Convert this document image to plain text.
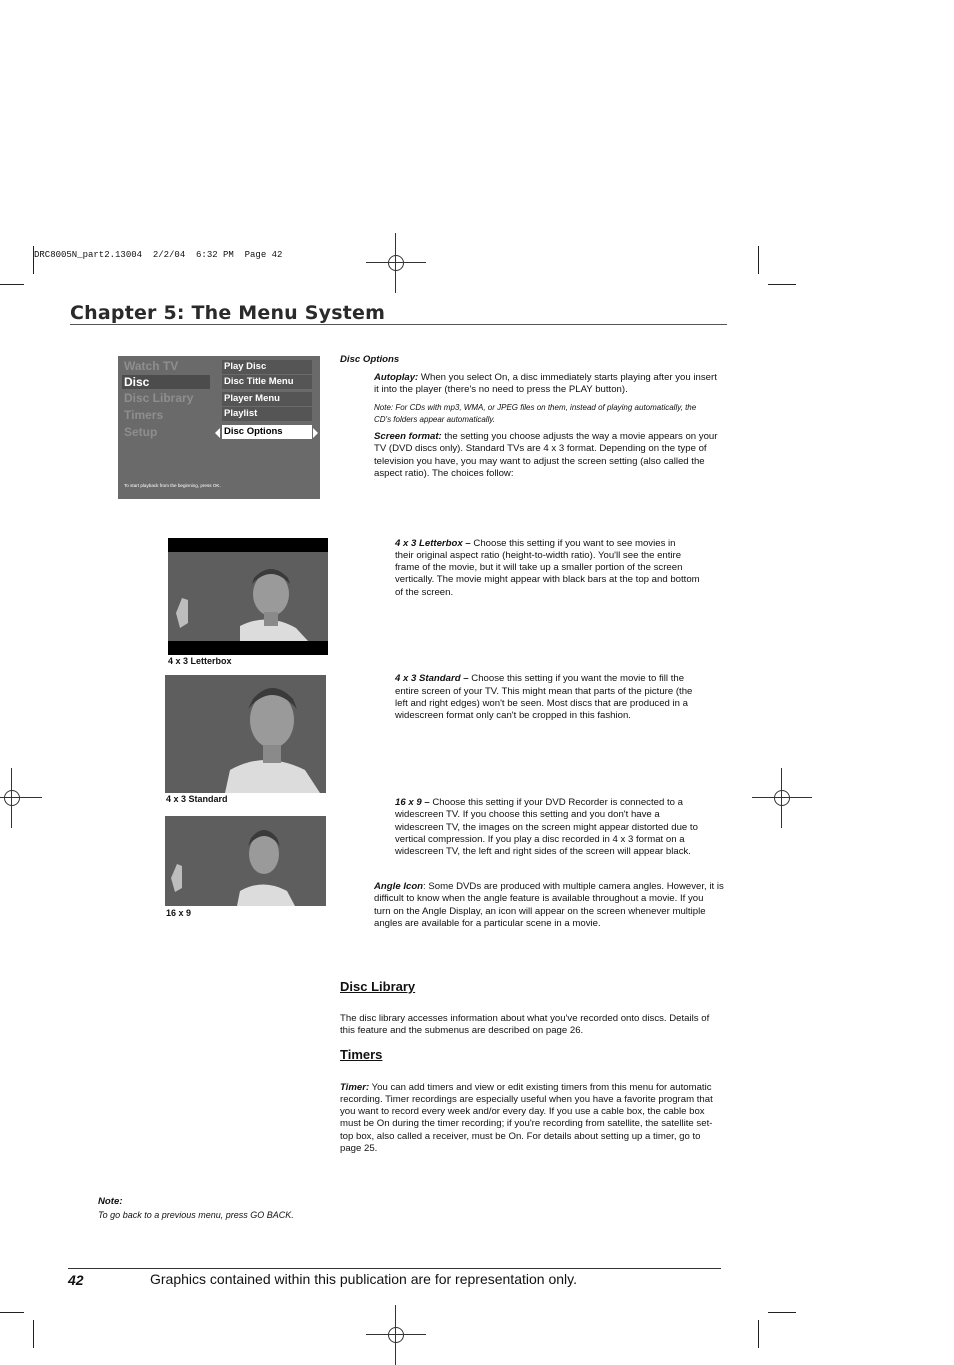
DRC8005N_part2.13004  2/2/04  6:32 PM  Page 42
Chapter 5: The Menu System
Watch TV
Disc
Disc Library
Timers
Setup
Play Disc
Disc Title Menu
Player Menu
Playlist
Disc Options
To start playback from the beginning, press OK.
Disc Options
Autoplay: When you select On, a disc immediately starts playing after you insert
it into the player (there's no need to press the PLAY button).
Note: For CDs with mp3, WMA, or JPEG files on them, instead of playing automatically, the
CD's folders appear automatically.
Screen format: the setting you choose adjusts the way a movie appears on your
TV (DVD discs only). Standard TVs are 4 x 3 format. Depending on the type of
television you have, you may want to adjust the screen setting (also called the
aspect ratio). The choices follow:
4 x 3 Letterbox
4 x 3 Standard
16 x 9
4 x 3 Letterbox – Choose this setting if you want to see movies in
their original aspect ratio (height-to-width ratio). You'll see the entire
frame of the movie, but it will take up a smaller portion of the screen
vertically. The movie might appear with black bars at the top and bottom
of the screen.
4 x 3 Standard – Choose this setting if you want the movie to fill the
entire screen of your TV. This might mean that parts of the picture (the
left and right edges) won't be seen. Most discs that are produced in a
widescreen format only can't be cropped in this fashion.
16 x 9 – Choose this setting if your DVD Recorder is connected to a
widescreen TV. If you choose this setting and you don't have a
widescreen TV, the images on the screen might appear distorted due to
vertical compression. If you play a disc recorded in 4 x 3 format on a
widescreen TV, the left and right sides of the screen will appear black.
Angle Icon: Some DVDs are produced with multiple camera angles. However, it is
difficult to know when the angle feature is available throughout a movie. If you
turn on the Angle Display, an icon will appear on the screen whenever multiple
angles are available for a particular scene in a movie.
Disc Library
The disc library accesses information about what you've recorded onto discs. Details of
this feature and the submenus are described on page 26.
Timers
Timer: You can add timers and view or edit existing timers from this menu for automatic
recording. Timer recordings are especially useful when you have a favorite program that
you want to record every week and/or every day. If you use a cable box, the cable box
must be On during the timer recording; if you're recording from satellite, the satellite set-
top box, also called a receiver, must be On. For details about setting up a timer, go to
page 25.
Note:
To go back to a previous menu, press GO BACK.
42	Graphics contained within this publication are for representation only.
